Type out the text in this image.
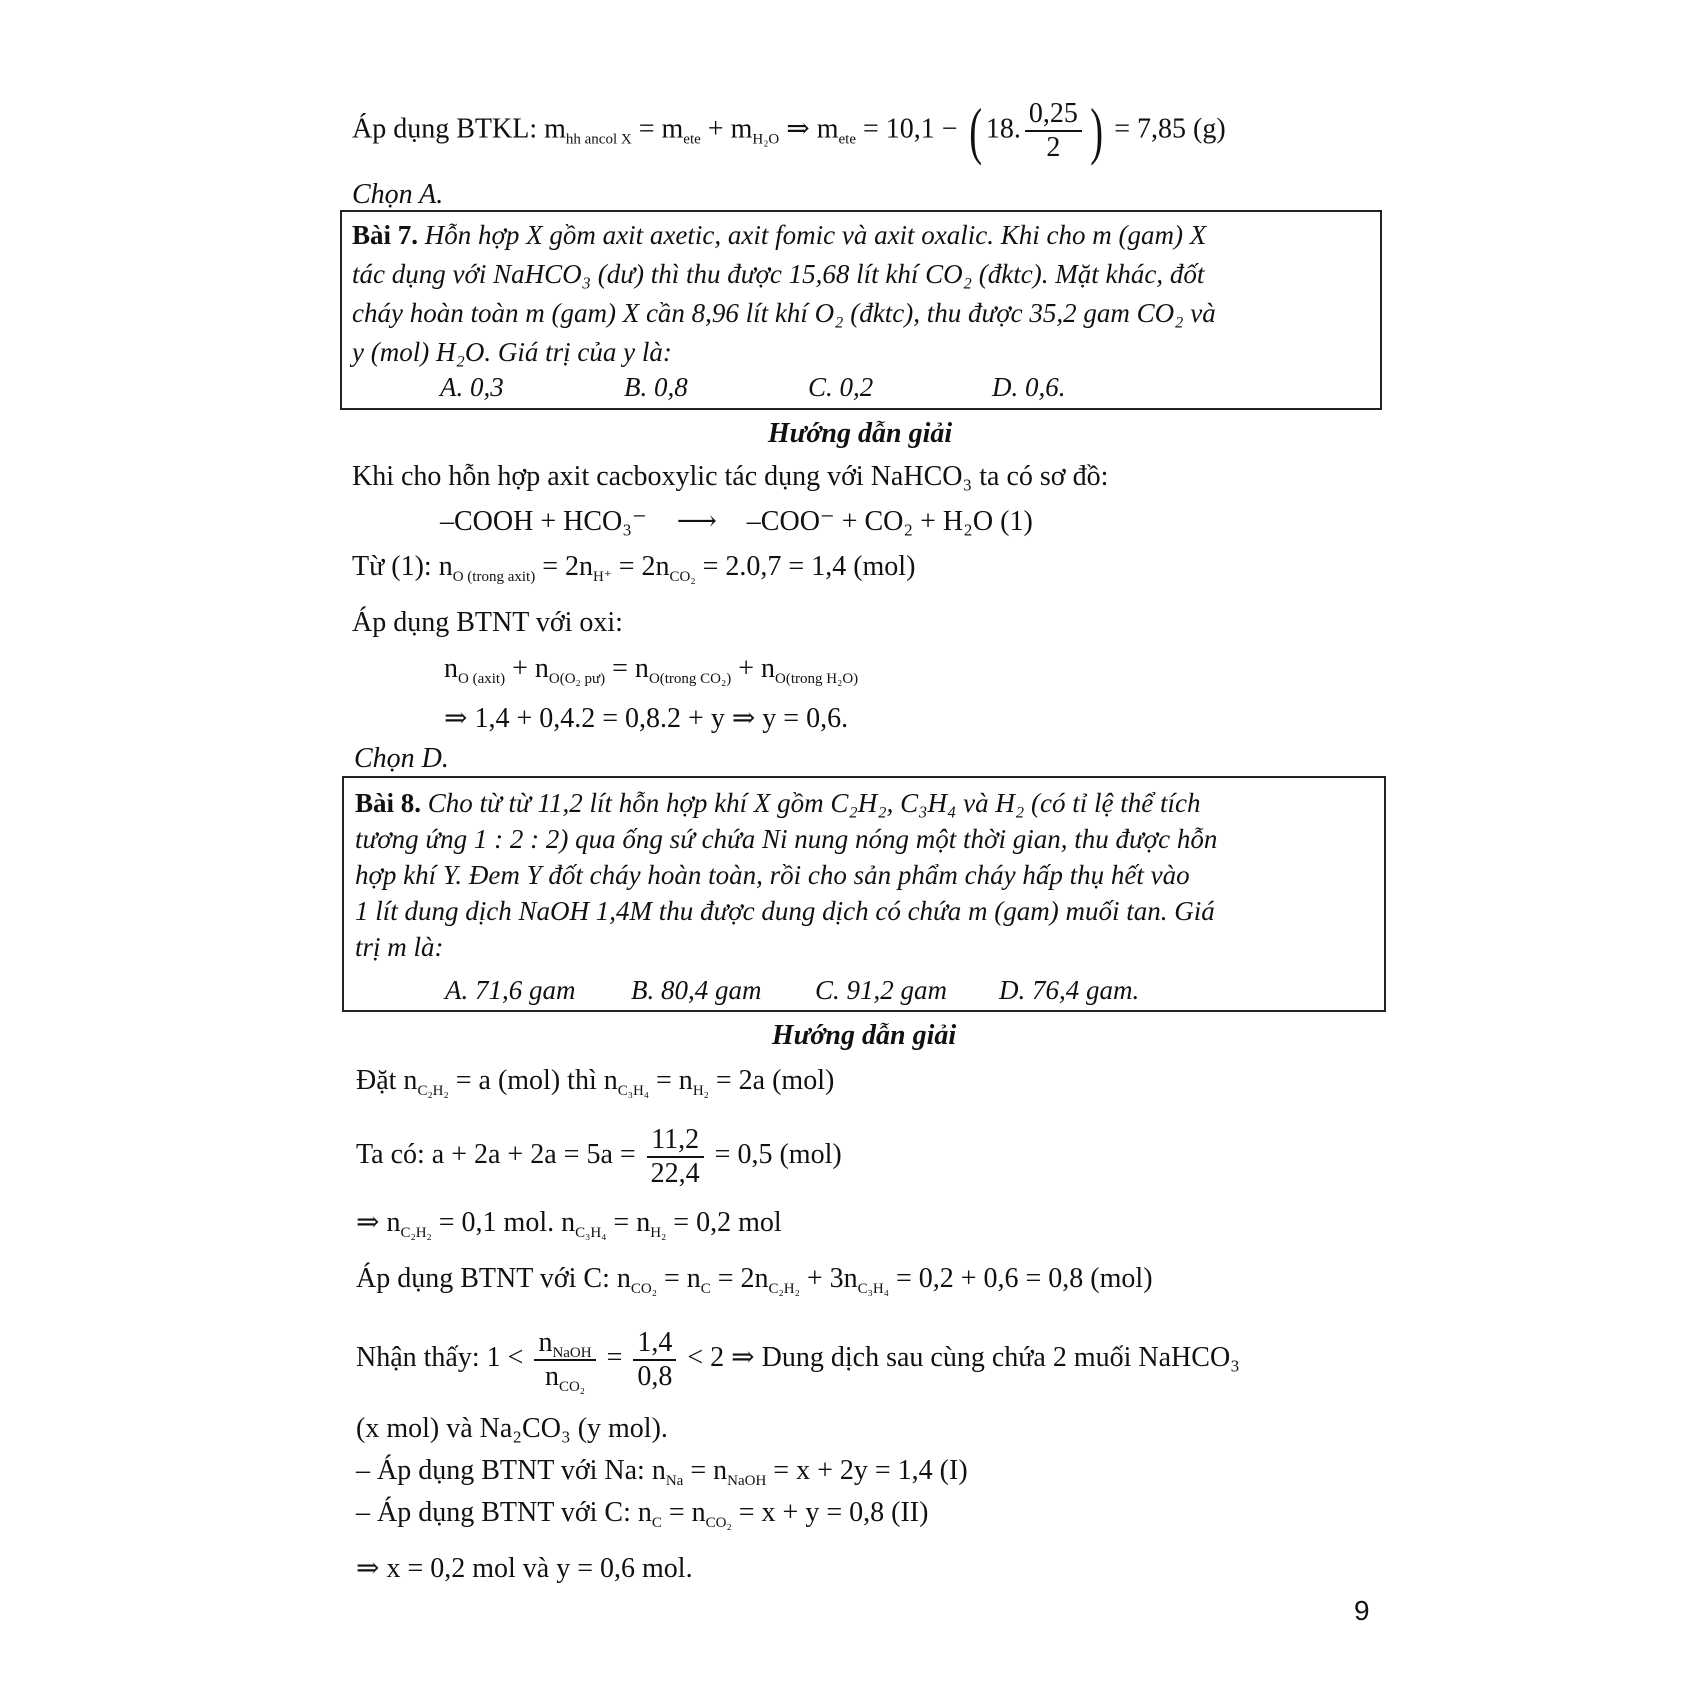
Áp dụng BTKL: $m_{hh ancol X} = m_{ete} + m_{H_2O}$ ⇒ $m_{ete} = 10,1$ − ( 18. $\frac{0,25}{2}$ ) = 7,85 (g)
Chọn A.
Bài 7. Hỗn hợp X gồm axit axetic, axit fomic và axit oxalic. Khi cho m (gam) X
tác dụng với NaHCO₃ (dư) thì thu được 15,68 lít khí CO₂ (đktc). Mặt khác, đốt
cháy hoàn toàn m (gam) X cần 8,96 lít khí O₂ (đktc), thu được 35,2 gam CO₂ và
y (mol) H₂O. Giá trị của y là:
A. 0,3	B. 0,8	C. 0,2	D. 0,6.
Hướng dẫn giải
Khi cho hỗn hợp axit cacboxylic tác dụng với NaHCO₃ ta có sơ đồ:
–COOH + HCO₃⁻ ⟶ –COO⁻ + CO₂ + H₂O (1)
Từ (1): $n_{O (trong axit)} = 2n_{H^+} = 2n_{CO_2} = 2.0,7 = 1,4$ (mol)
Áp dụng BTNT với oxi:
$n_{O (axit)} + n_{O(O_2 pư)} = n_{O(trong CO_2)} + n_{O(trong H_2O)}$
⇒ 1,4 + 0,4.2 = 0,8.2 + y ⇒ y = 0,6.
Chọn D.
Bài 8. Cho từ từ 11,2 lít hỗn hợp khí X gồm C₂H₂, C₃H₄ và H₂ (có tỉ lệ thể tích
tương ứng 1 : 2 : 2) qua ống sứ chứa Ni nung nóng một thời gian, thu được hỗn
hợp khí Y. Đem Y đốt cháy hoàn toàn, rồi cho sản phẩm cháy hấp thụ hết vào
1 lít dung dịch NaOH 1,4M thu được dung dịch có chứa m (gam) muối tan. Giá
trị m là:
A. 71,6 gam B. 80,4 gam C. 91,2 gam D. 76,4 gam.
Hướng dẫn giải
Đặt $n_{C_2H_2} = a$ (mol) thì $n_{C_3H_4} = n_{H_2} = 2a$ (mol)
Ta có: $a + 2a + 2a = 5a = \frac{11,2}{22,4} = 0,5$ (mol)
⇒ $n_{C_2H_2} = 0,1$ mol. $n_{C_3H_4} = n_{H_2} = 0,2$ mol
Áp dụng BTNT với C: $n_{CO_2} = n_C = 2n_{C_2H_2} + 3n_{C_3H_4} = 0,2 + 0,6 = 0,8$ (mol)
Nhận thấy: $1 < \frac{n_{NaOH}}{n_{CO_2}} = \frac{1,4}{0,8} < 2$ ⇒ Dung dịch sau cùng chứa 2 muối NaHCO₃
(x mol) và Na₂CO₃ (y mol).
– Áp dụng BTNT với Na: $n_{Na} = n_{NaOH} = x + 2y = 1,4$ (I)
– Áp dụng BTNT với C: $n_C = n_{CO_2} = x + y = 0,8$ (II)
⇒ x = 0,2 mol và y = 0,6 mol.
9
